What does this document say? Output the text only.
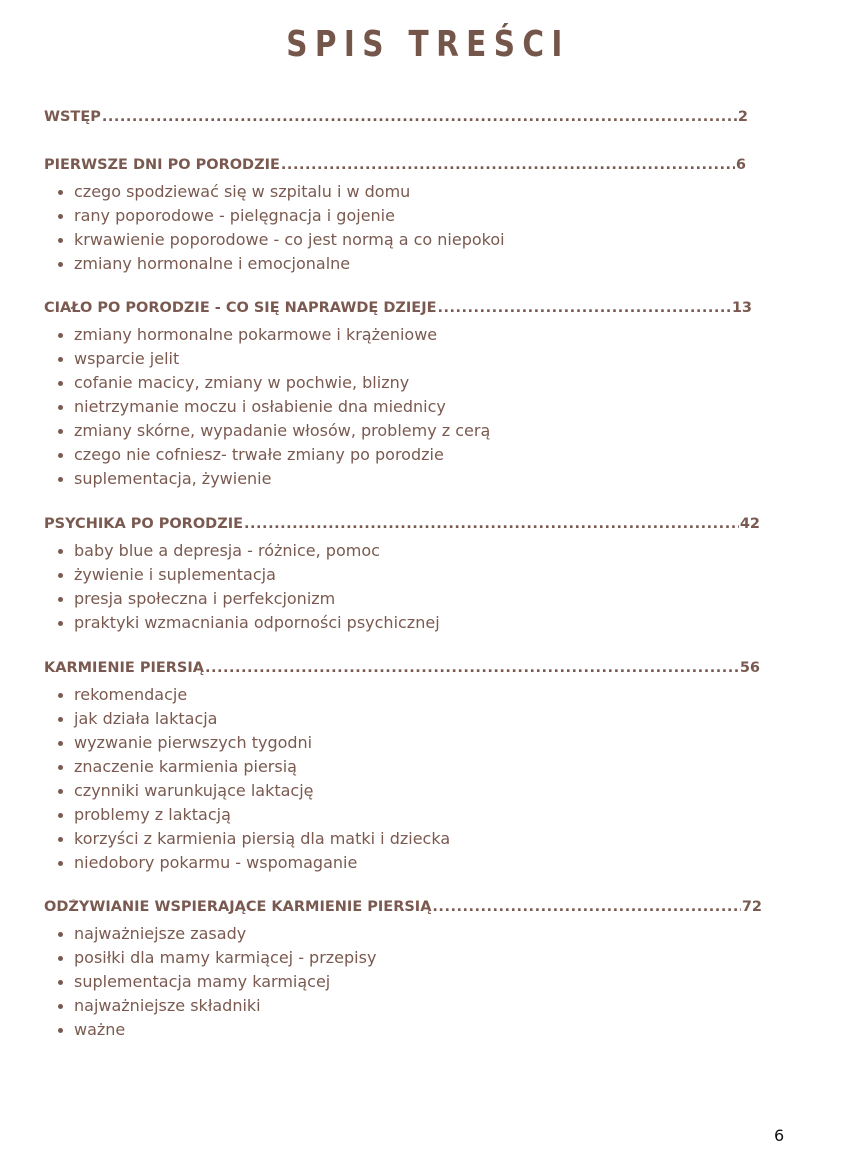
SPIS TREŚCI
WSTĘP .....	2
PIERWSZE DNI PO PORODZIE .....	6
czego spodziewać się w szpitalu i w domu
rany poporodowe - pielęgnacja i gojenie
krwawienie poporodowe - co jest normą a co niepokoi
zmiany hormonalne i emocjonalne
CIAŁO PO PORODZIE - CO SIĘ NAPRAWDĘ DZIEJE .....	13
zmiany hormonalne pokarmowe i krążeniowe
wsparcie jelit
cofanie macicy, zmiany w pochwie, blizny
nietrzymanie moczu i osłabienie dna miednicy
zmiany skórne, wypadanie włosów, problemy z cerą
czego nie cofniesz- trwałe zmiany po porodzie
suplementacja, żywienie
PSYCHIKA PO PORODZIE .....	42
baby blue a depresja - różnice, pomoc
żywienie i suplementacja
presja społeczna i perfekcjonizm
praktyki wzmacniania odporności psychicznej
KARMIENIE PIERSIĄ .....	56
rekomendacje
jak działa laktacja
wyzwanie pierwszych tygodni
znaczenie karmienia piersią
czynniki warunkujące laktację
problemy z laktacją
korzyści z karmienia piersią dla matki i dziecka
niedobory pokarmu - wspomaganie
ODŻYWIANIE WSPIERAJĄCE KARMIENIE PIERSIĄ .....	72
najważniejsze zasady
posiłki dla mamy karmiącej - przepisy
suplementacja mamy karmiącej
najważniejsze składniki
ważne
6
